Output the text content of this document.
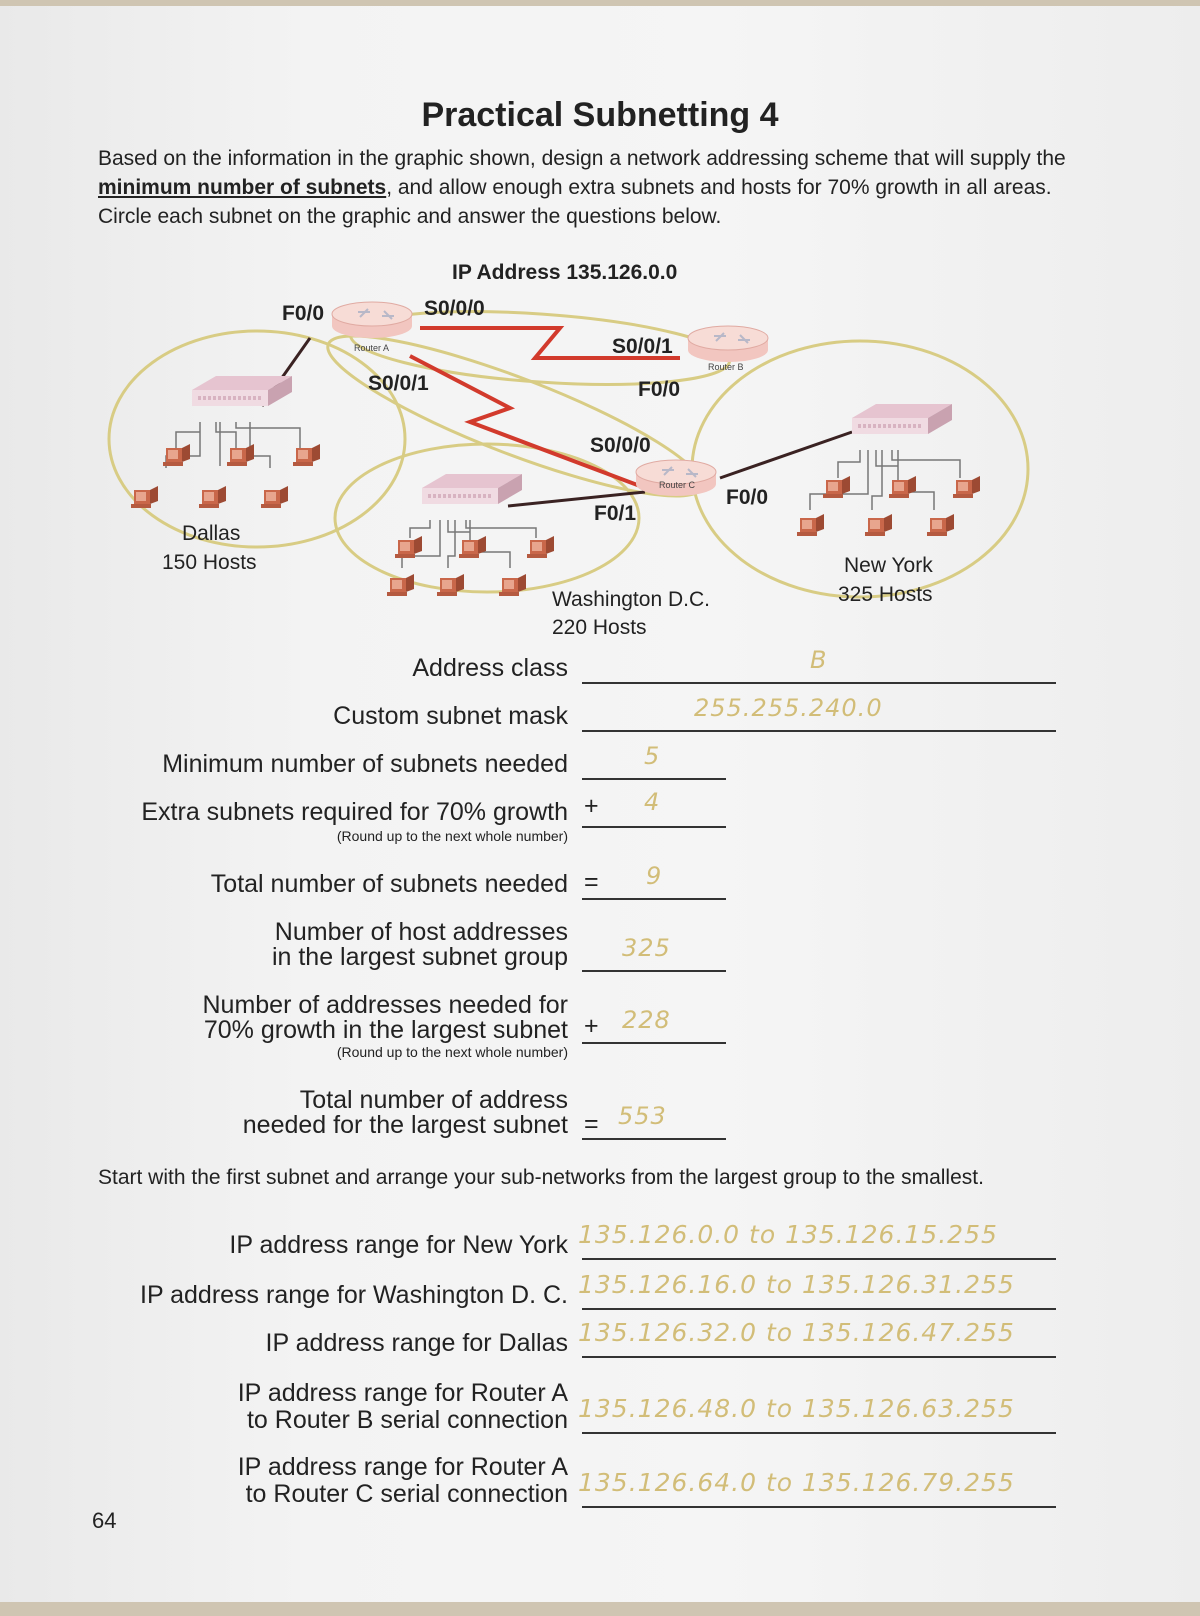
Practical Subnetting 4
Based on the information in the graphic shown, design a network addressing scheme that will supply the minimum number of subnets, and allow enough extra subnets and hosts for 70% growth in all areas. Circle each subnet on the graphic and answer the questions below.
Router A
Router B
Router C
IP Address 135.126.0.0
F0/0	S0/0/0
S0/0/1
S0/0/1
F0/0
S0/0/0
F0/0
F0/1
Dallas
150 Hosts
Washington D.C.
220 Hosts
New York
325 Hosts
Address class	B
Custom subnet mask	255.255.240.0
Minimum number of subnets needed	5
Extra subnets required for 70% growth
(Round up to the next whole number)
+ 4
Total number of subnets needed = 9
Number of host addresses
in the largest subnet group 325
Number of addresses needed for
70% growth in the largest subnet
(Round up to the next whole number)
+ 228
Total number of address
needed for the largest subnet = 553
Start with the first subnet and arrange your sub-networks from the largest group to the smallest.
IP address range for New York 135.126.0.0 to 135.126.15.255
IP address range for Washington D. C. 135.126.16.0 to 135.126.31.255
IP address range for Dallas 135.126.32.0 to 135.126.47.255
IP address range for Router A
to Router B serial connection 135.126.48.0 to 135.126.63.255
IP address range for Router A
to Router C serial connection 135.126.64.0 to 135.126.79.255
64
